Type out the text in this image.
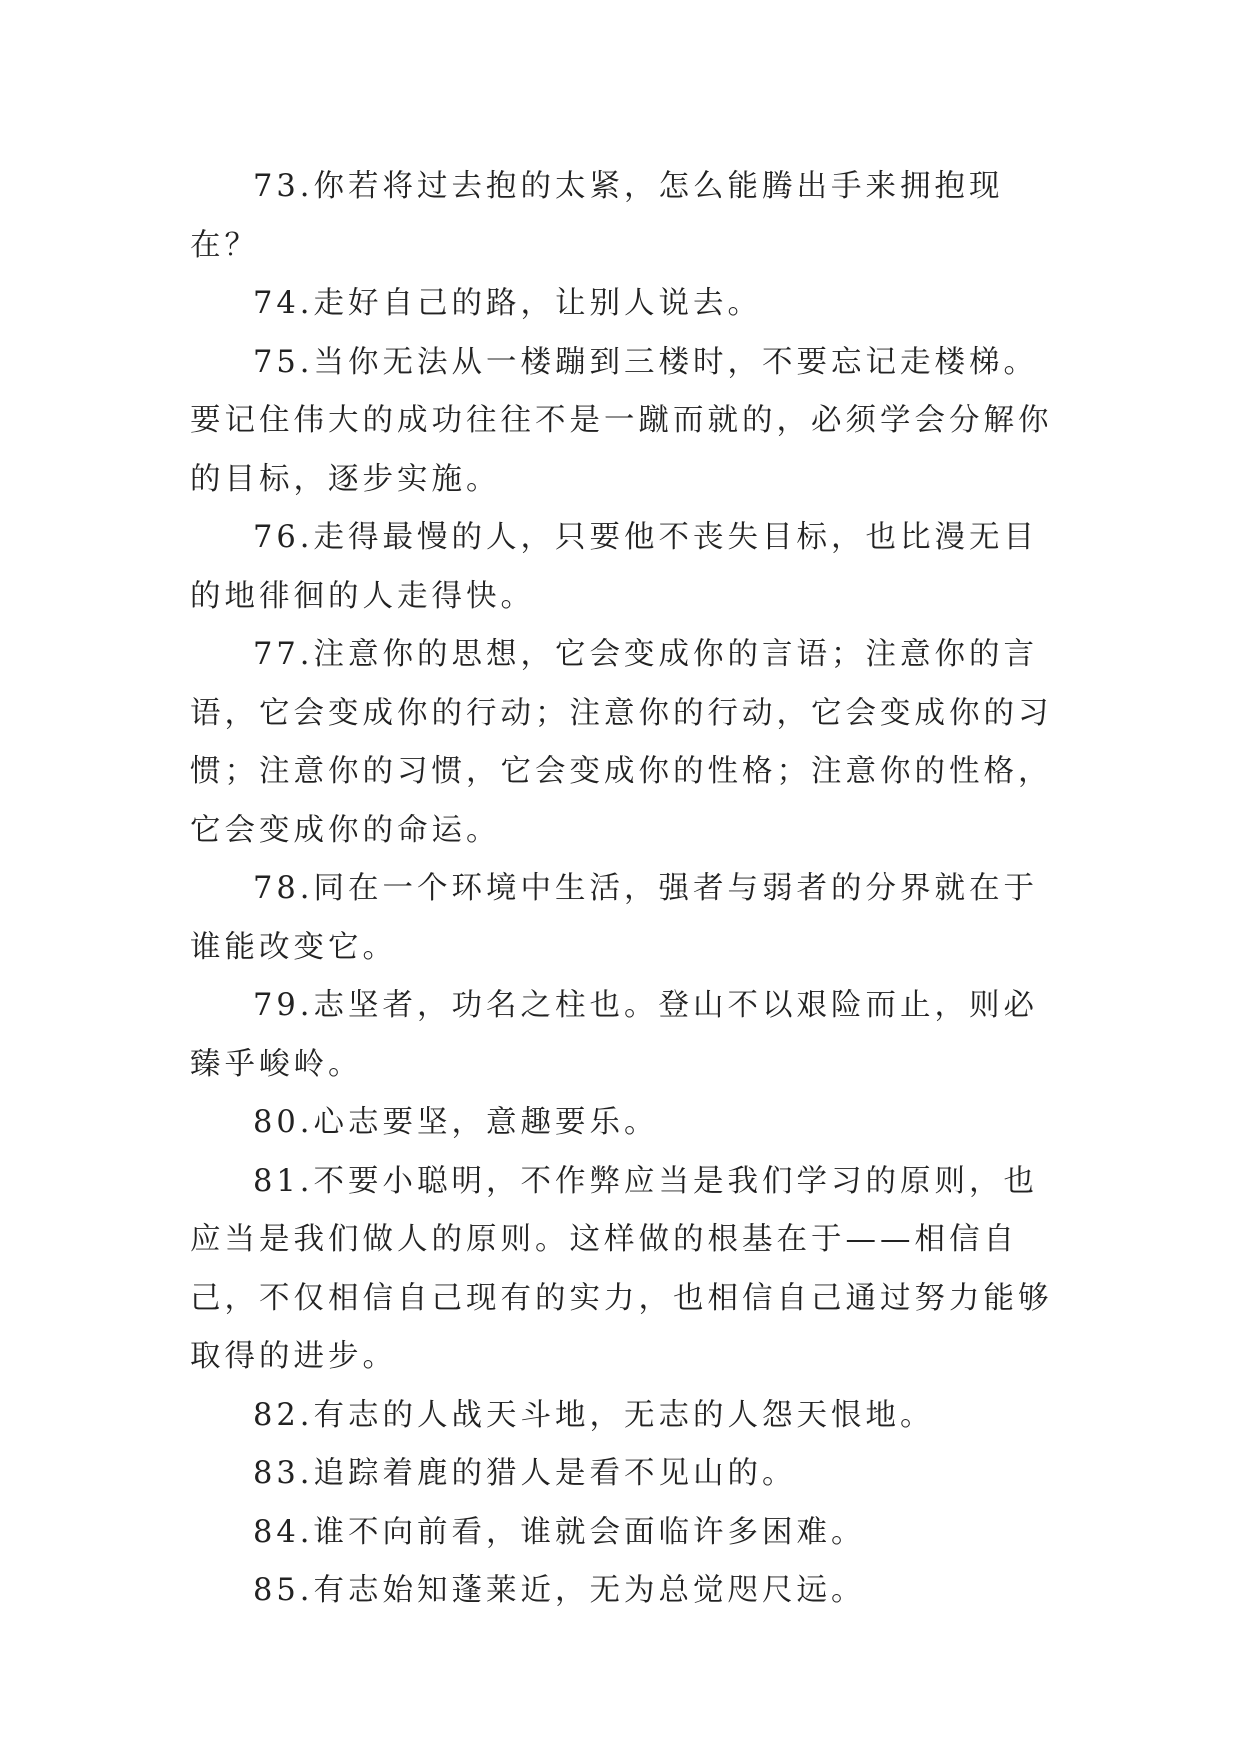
73.你若将过去抱的太紧，怎么能腾出手来拥抱现在？

74.走好自己的路，让别人说去。

75.当你无法从一楼蹦到三楼时，不要忘记走楼梯。要记住伟大的成功往往不是一蹴而就的，必须学会分解你的目标，逐步实施。

76.走得最慢的人，只要他不丧失目标，也比漫无目的地徘徊的人走得快。

77.注意你的思想，它会变成你的言语；注意你的言语，它会变成你的行动；注意你的行动，它会变成你的习惯；注意你的习惯，它会变成你的性格；注意你的性格，它会变成你的命运。

78.同在一个环境中生活，强者与弱者的分界就在于谁能改变它。

79.志坚者，功名之柱也。登山不以艰险而止，则必臻乎峻岭。

80.心志要坚，意趣要乐。

81.不要小聪明，不作弊应当是我们学习的原则，也应当是我们做人的原则。这样做的根基在于——相信自己，不仅相信自己现有的实力，也相信自己通过努力能够取得的进步。

82.有志的人战天斗地，无志的人怨天恨地。

83.追踪着鹿的猎人是看不见山的。

84.谁不向前看，谁就会面临许多困难。

85.有志始知蓬莱近，无为总觉咫尺远。
